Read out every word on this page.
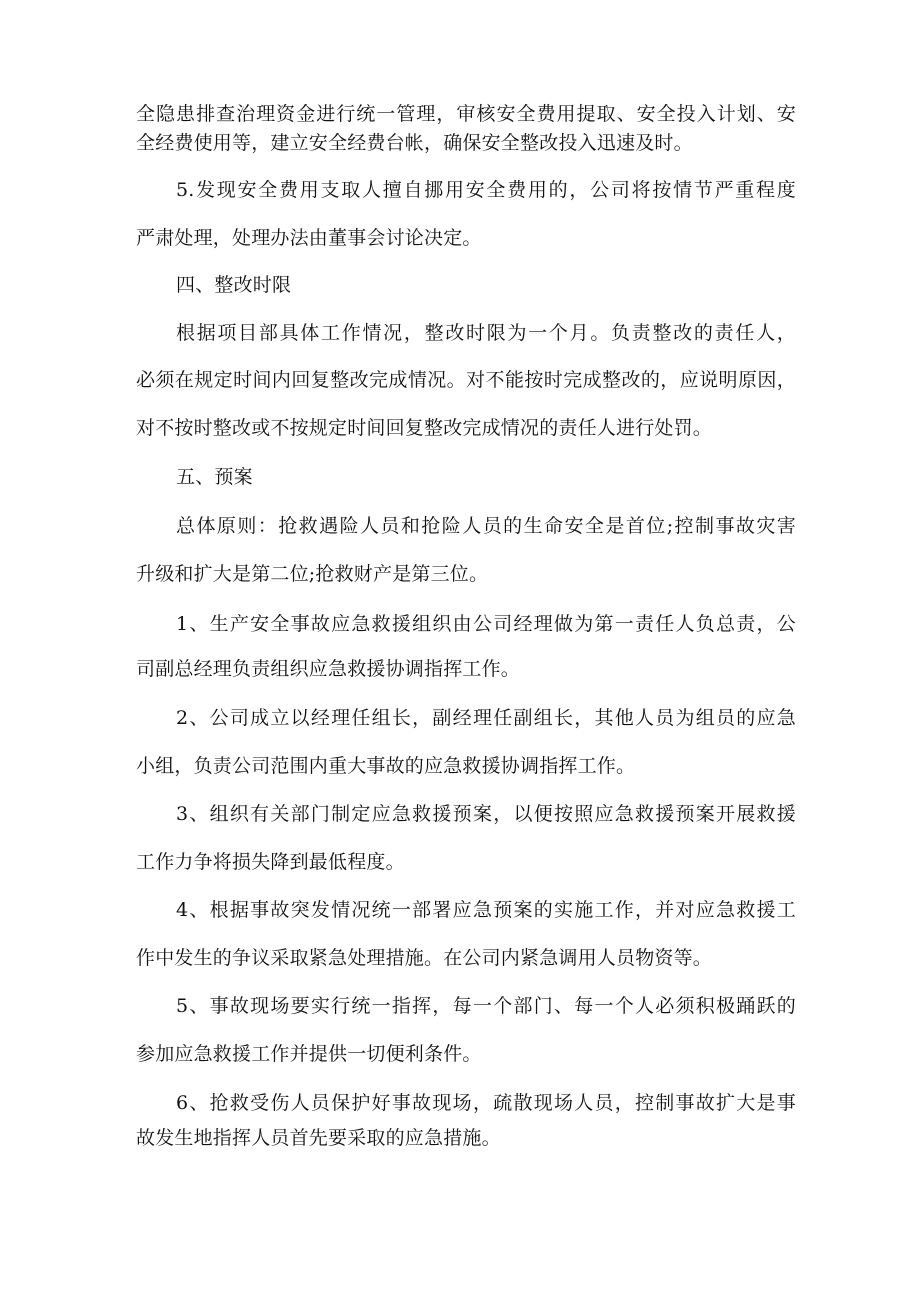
全隐患排查治理资金进行统一管理，审核安全费用提取、安全投入计划、安
全经费使用等，建立安全经费台帐，确保安全整改投入迅速及时。
5.发现安全费用支取人擅自挪用安全费用的，公司将按情节严重程度
严肃处理，处理办法由董事会讨论决定。
四、整改时限
根据项目部具体工作情况，整改时限为一个月。负责整改的责任人，
必须在规定时间内回复整改完成情况。对不能按时完成整改的，应说明原因，
对不按时整改或不按规定时间回复整改完成情况的责任人进行处罚。
五、预案
总体原则：抢救遇险人员和抢险人员的生命安全是首位;控制事故灾害
升级和扩大是第二位;抢救财产是第三位。
1、生产安全事故应急救援组织由公司经理做为第一责任人负总责，公
司副总经理负责组织应急救援协调指挥工作。
2、公司成立以经理任组长，副经理任副组长，其他人员为组员的应急
小组，负责公司范围内重大事故的应急救援协调指挥工作。
3、组织有关部门制定应急救援预案，以便按照应急救援预案开展救援
工作力争将损失降到最低程度。
4、根据事故突发情况统一部署应急预案的实施工作，并对应急救援工
作中发生的争议采取紧急处理措施。在公司内紧急调用人员物资等。
5、事故现场要实行统一指挥，每一个部门、每一个人必须积极踊跃的
参加应急救援工作并提供一切便利条件。
6、抢救受伤人员保护好事故现场，疏散现场人员，控制事故扩大是事
故发生地指挥人员首先要采取的应急措施。
